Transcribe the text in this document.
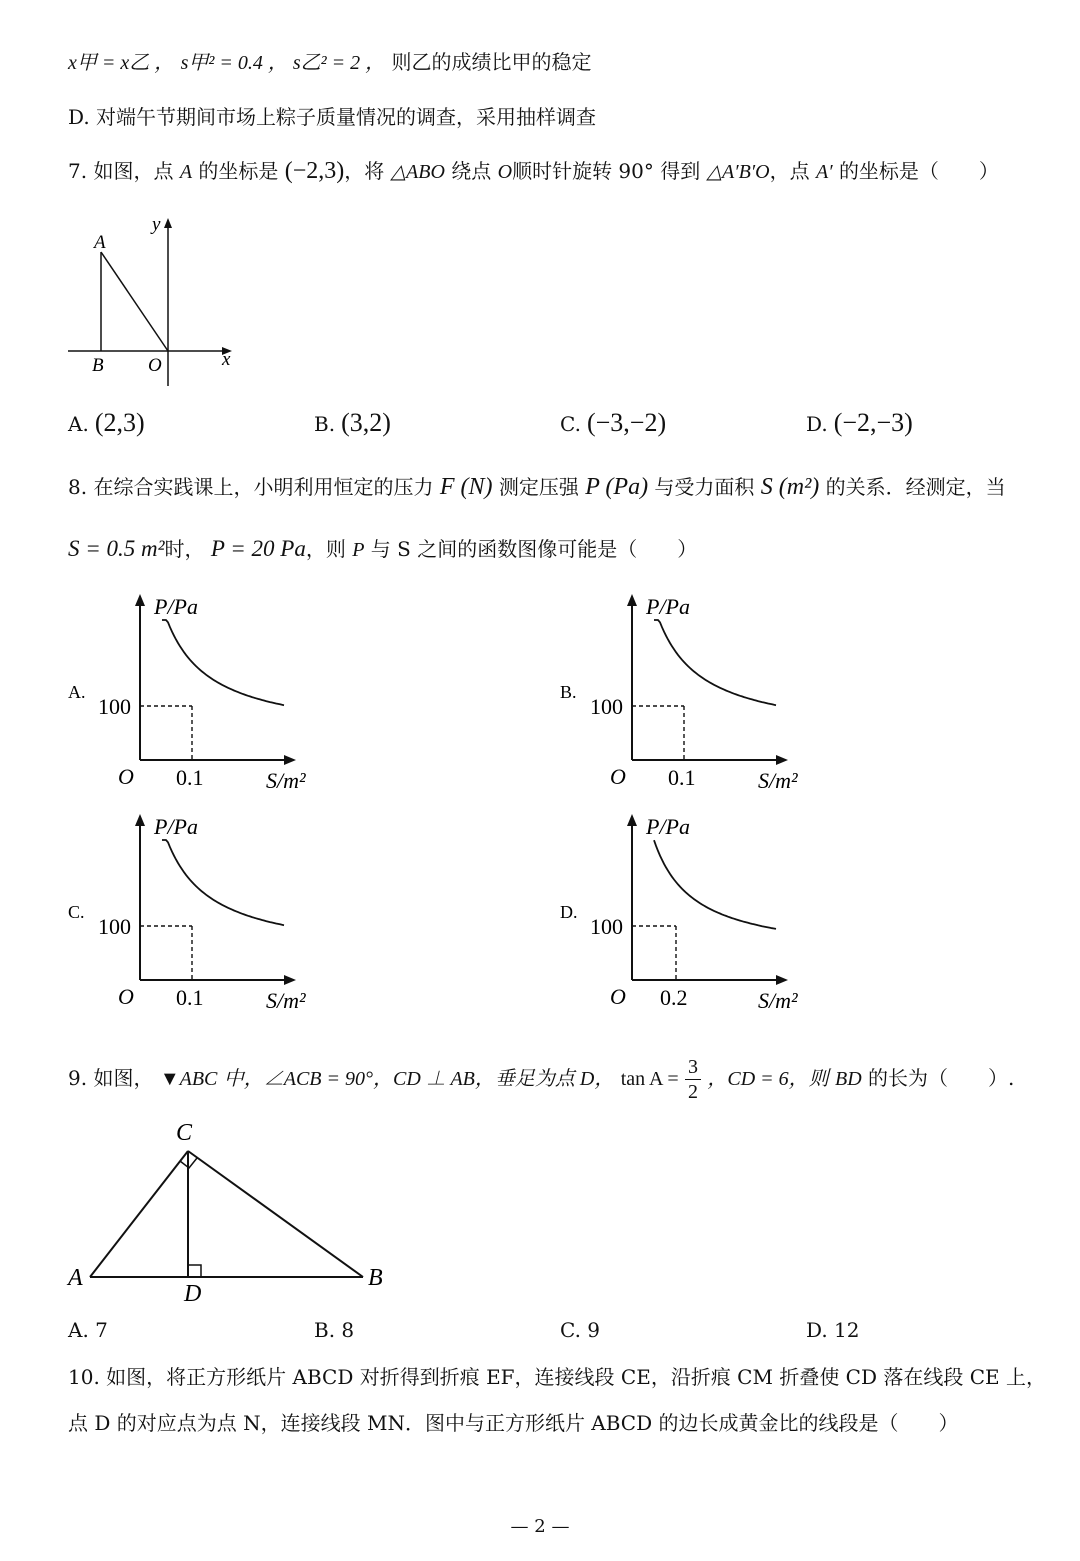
x甲 = x乙 ， s甲² = 0.4 ， s乙² = 2 ， 则乙的成绩比甲的稳定
D. 对端午节期间市场上粽子质量情况的调查，采用抽样调查
7. 如图，点 A 的坐标是 (−2,3)，将 △ABO 绕点 O顺时针旋转 90° 得到 △A′B′O，点 A′ 的坐标是（　　）
A
B O	x
y
A. (2,3)	B. (3,2)	C. (−3,−2)	D. (−2,−3)
8. 在综合实践课上，小明利用恒定的压力 F (N) 测定压强 P (Pa) 与受力面积 S (m²) 的关系．经测定，当
S = 0.5 m²时， P = 20 Pa，则 P 与 S 之间的函数图像可能是（　　）
A.
P/Pa
100
0.1	S/m²
O
B.
P/Pa
100
0.1	S/m²
O
C.
P/Pa
100
0.1	S/m²
O
D.
P/Pa
100
0.2	S/m²
O
9. 如图， ▼ABC 中，∠ACB = 90°，CD ⊥ AB，垂足为点 D， $\tan A = \frac{3}{2}$ ，CD = 6，则 BD 的长为（　　）.
A	B
C
D
A. 7	B. 8	C. 9	D. 12
10. 如图，将正方形纸片 ABCD 对折得到折痕 EF，连接线段 CE，沿折痕 CM 折叠使 CD 落在线段 CE 上，
点 D 的对应点为点 N，连接线段 MN．图中与正方形纸片 ABCD 的边长成黄金比的线段是（　　）
— 2 —
